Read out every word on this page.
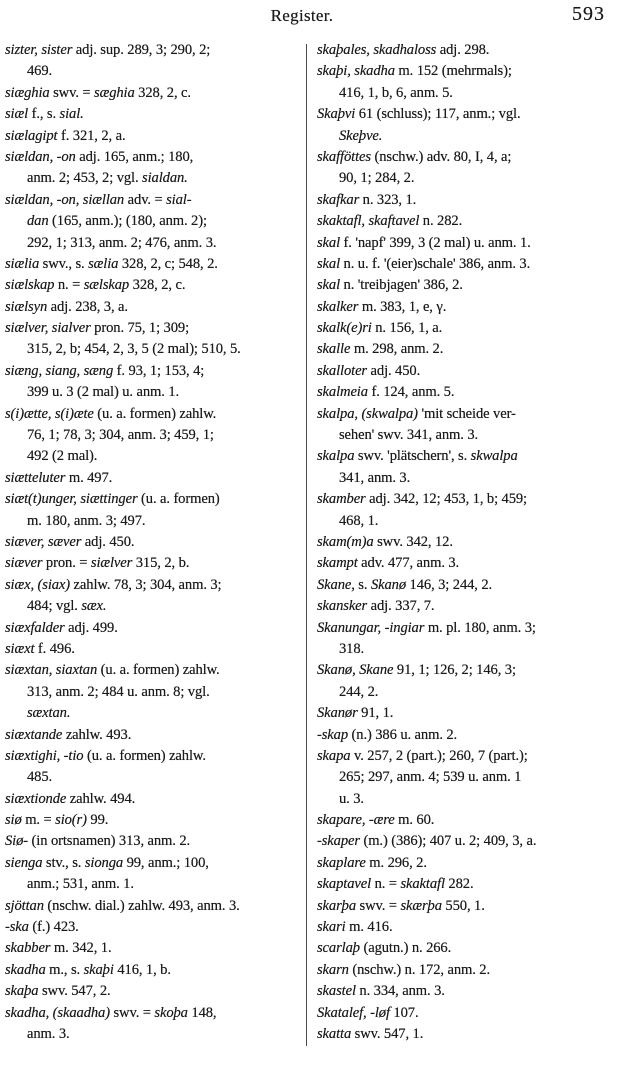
Register.	593
sizter, sister adj. sup. 289, 3; 290, 2;
469.
siæghia swv. = sæghia 328, 2, c.
siæl f., s. sial.
siælagipt f. 321, 2, a.
siældan, -on adj. 165, anm.; 180,
anm. 2; 453, 2; vgl. sialdan.
siældan, -on, siællan adv. = sial-
dan (165, anm.); (180, anm. 2);
292, 1; 313, anm. 2; 476, anm. 3.
siælia swv., s. sælia 328, 2, c; 548, 2.
siælskap n. = sælskap 328, 2, c.
siælsyn adj. 238, 3, a.
siælver, sialver pron. 75, 1; 309;
315, 2, b; 454, 2, 3, 5 (2 mal); 510, 5.
siæng, siang, sæng f. 93, 1; 153, 4;
399 u. 3 (2 mal) u. anm. 1.
s(i)ætte, s(i)æte (u. a. formen) zahlw.
76, 1; 78, 3; 304, anm. 3; 459, 1;
492 (2 mal).
siætteluter m. 497.
siæt(t)unger, siættinger (u. a. formen)
m. 180, anm. 3; 497.
siæver, sæver adj. 450.
siæver pron. = siælver 315, 2, b.
siæx, (siax) zahlw. 78, 3; 304, anm. 3;
484; vgl. sæx.
siæxfalder adj. 499.
siæxt f. 496.
siæxtan, siaxtan (u. a. formen) zahlw.
313, anm. 2; 484 u. anm. 8; vgl.
sæxtan.
siæxtande zahlw. 493.
siæxtighi, -tio (u. a. formen) zahlw.
485.
siæxtionde zahlw. 494.
siø m. = sio(r) 99.
Siø- (in ortsnamen) 313, anm. 2.
sienga stv., s. sionga 99, anm.; 100,
anm.; 531, anm. 1.
sjöttan (nschw. dial.) zahlw. 493, anm. 3.
-ska (f.) 423.
skabber m. 342, 1.
skadha m., s. skaþi 416, 1, b.
skaþa swv. 547, 2.
skadha, (skaadha) swv. = skoþa 148,
anm. 3.
skaþales, skadhaloss adj. 298.
skaþi, skadha m. 152 (mehrmals);
416, 1, b, 6, anm. 5.
Skaþvi 61 (schluss); 117, anm.; vgl.
Skeþve.
skafföttes (nschw.) adv. 80, I, 4, a;
90, 1; 284, 2.
skafkar n. 323, 1.
skaktafl, skaftavel n. 282.
skal f. 'napf' 399, 3 (2 mal) u. anm. 1.
skal n. u. f. '(eier)schale' 386, anm. 3.
skal n. 'treibjagen' 386, 2.
skalker m. 383, 1, e, γ.
skalk(e)ri n. 156, 1, a.
skalle m. 298, anm. 2.
skalloter adj. 450.
skalmeia f. 124, anm. 5.
skalpa, (skwalpa) 'mit scheide ver-
sehen' swv. 341, anm. 3.
skalpa swv. 'plätschern', s. skwalpa
341, anm. 3.
skamber adj. 342, 12; 453, 1, b; 459;
468, 1.
skam(m)a swv. 342, 12.
skampt adv. 477, anm. 3.
Skane, s. Skanø 146, 3; 244, 2.
skansker adj. 337, 7.
Skanungar, -ingiar m. pl. 180, anm. 3;
318.
Skanø, Skane 91, 1; 126, 2; 146, 3;
244, 2.
Skanør 91, 1.
-skap (n.) 386 u. anm. 2.
skapa v. 257, 2 (part.); 260, 7 (part.);
265; 297, anm. 4; 539 u. anm. 1
u. 3.
skapare, -ære m. 60.
-skaper (m.) (386); 407 u. 2; 409, 3, a.
skaplare m. 296, 2.
skaptavel n. = skaktafl 282.
skarþa swv. = skærþa 550, 1.
skari m. 416.
scarlaþ (agutn.) n. 266.
skarn (nschw.) n. 172, anm. 2.
skastel n. 334, anm. 3.
Skatalef, -løf 107.
skatta swv. 547, 1.
